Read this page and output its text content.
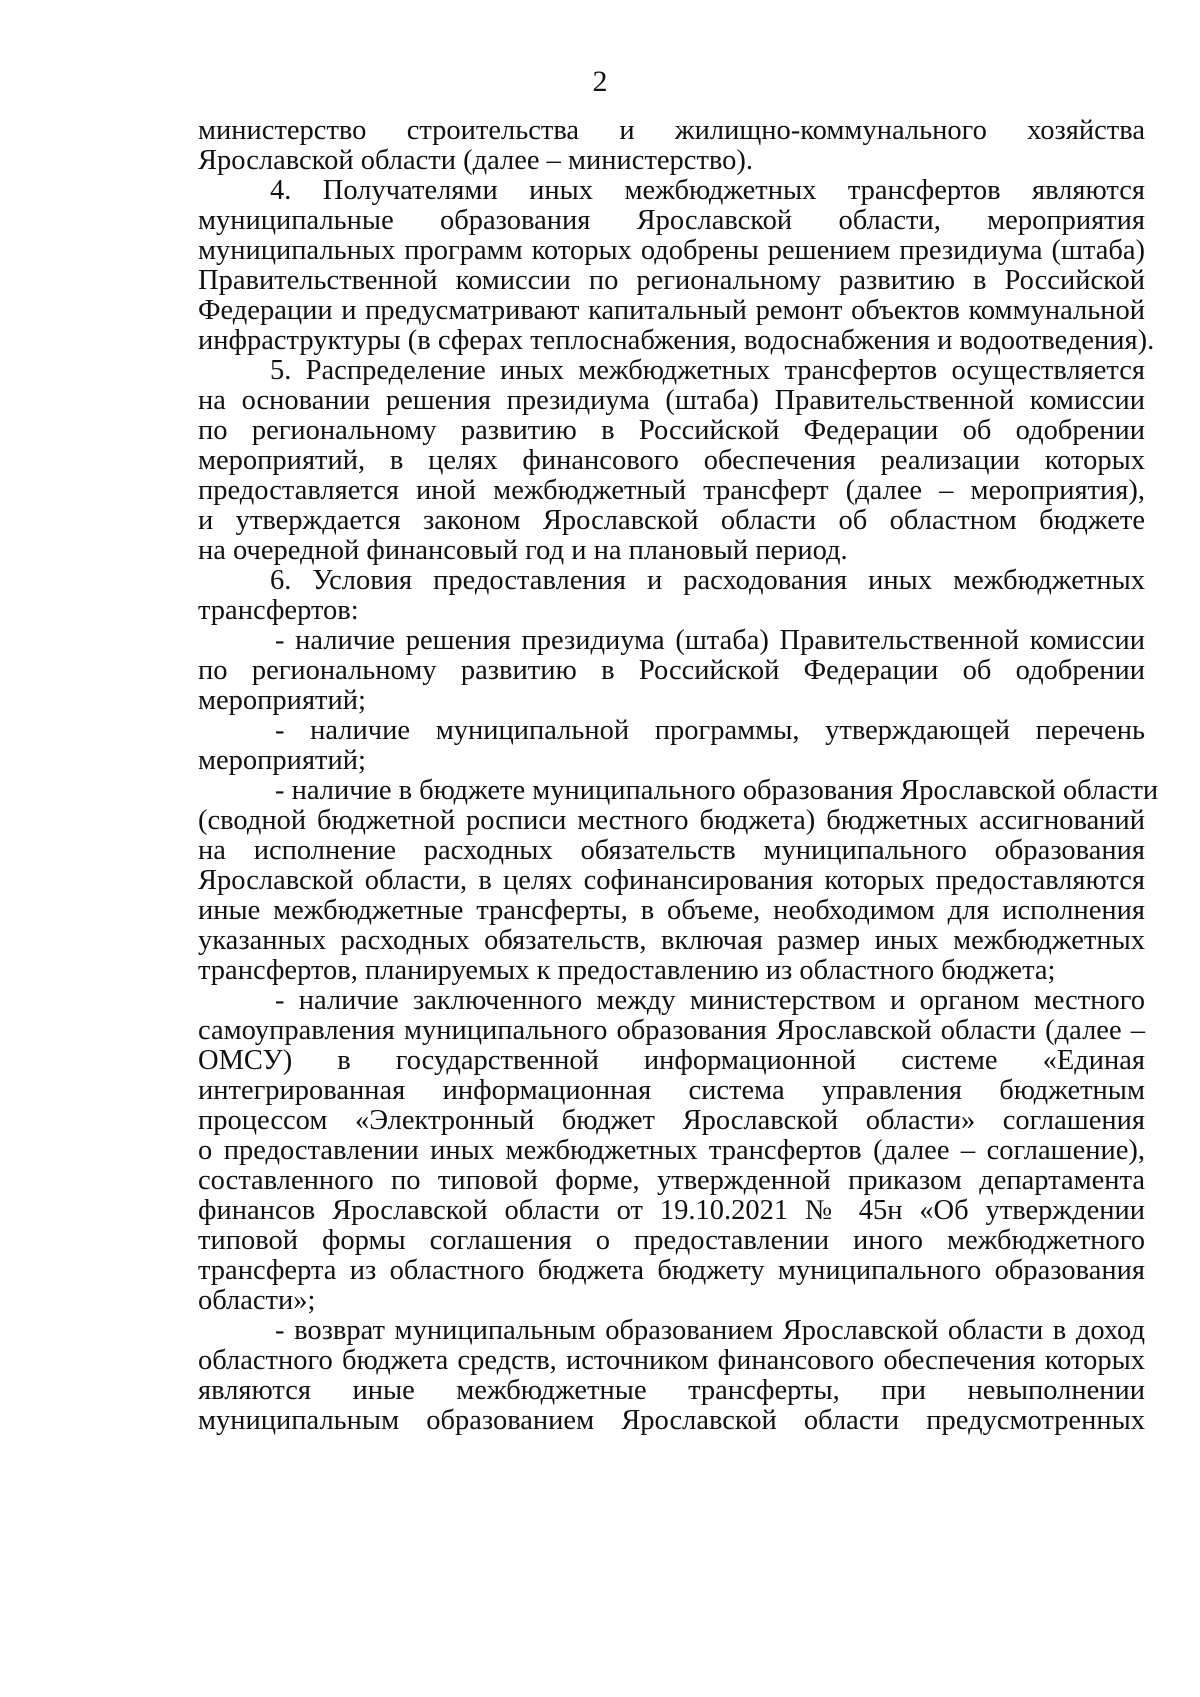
2
министерство строительства и жилищно-коммунального хозяйства
Ярославской области (далее – министерство).
4. Получателями иных межбюджетных трансфертов являются
муниципальные образования Ярославской области, мероприятия
муниципальных программ которых одобрены решением президиума (штаба)
Правительственной комиссии по региональному развитию в Российской
Федерации и предусматривают капитальный ремонт объектов коммунальной
инфраструктуры (в сферах теплоснабжения, водоснабжения и водоотведения).
5. Распределение иных межбюджетных трансфертов осуществляется
на основании решения президиума (штаба) Правительственной комиссии
по региональному развитию в Российской Федерации об одобрении
мероприятий, в целях финансового обеспечения реализации которых
предоставляется иной межбюджетный трансферт (далее – мероприятия),
и утверждается законом Ярославской области об областном бюджете
на очередной финансовый год и на плановый период.
6. Условия предоставления и расходования иных межбюджетных
трансфертов:
- наличие решения президиума (штаба) Правительственной комиссии
по региональному развитию в Российской Федерации об одобрении
мероприятий;
- наличие муниципальной программы, утверждающей перечень
мероприятий;
- наличие в бюджете муниципального образования Ярославской области
(сводной бюджетной росписи местного бюджета) бюджетных ассигнований
на исполнение расходных обязательств муниципального образования
Ярославской области, в целях софинансирования которых предоставляются
иные межбюджетные трансферты, в объеме, необходимом для исполнения
указанных расходных обязательств, включая размер иных межбюджетных
трансфертов, планируемых к предоставлению из областного бюджета;
- наличие заключенного между министерством и органом местного
самоуправления муниципального образования Ярославской области (далее –
ОМСУ) в государственной информационной системе «Единая
интегрированная информационная система управления бюджетным
процессом «Электронный бюджет Ярославской области» соглашения
о предоставлении иных межбюджетных трансфертов (далее – соглашение),
составленного по типовой форме, утвержденной приказом департамента
финансов Ярославской области от 19.10.2021 № 45н «Об утверждении
типовой формы соглашения о предоставлении иного межбюджетного
трансферта из областного бюджета бюджету муниципального образования
области»;
- возврат муниципальным образованием Ярославской области в доход
областного бюджета средств, источником финансового обеспечения которых
являются иные межбюджетные трансферты, при невыполнении
муниципальным образованием Ярославской области предусмотренных
